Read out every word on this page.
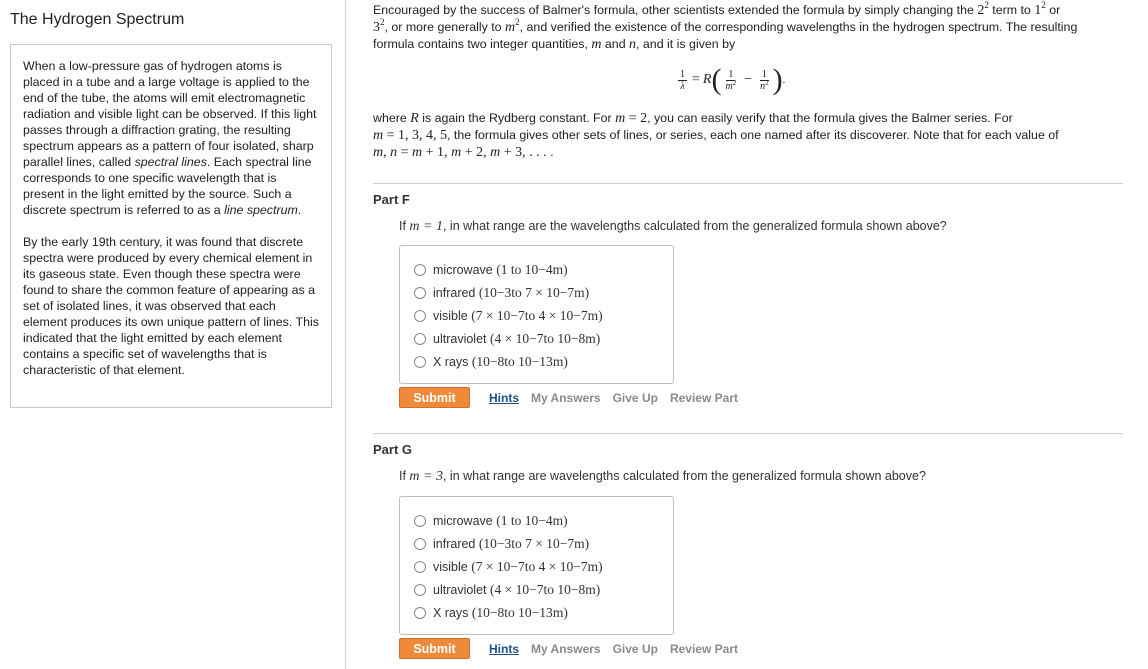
The Hydrogen Spectrum

When a low-pressure gas of hydrogen atoms is placed in a tube and a large voltage is applied to the end of the tube, the atoms will emit electromagnetic radiation and visible light can be observed. If this light passes through a diffraction grating, the resulting spectrum appears as a pattern of four isolated, sharp parallel lines, called spectral lines. Each spectral line corresponds to one specific wavelength that is present in the light emitted by the source. Such a discrete spectrum is referred to as a line spectrum.

By the early 19th century, it was found that discrete spectra were produced by every chemical element in its gaseous state. Even though these spectra were found to share the common feature of appearing as a set of isolated lines, it was observed that each element produces its own unique pattern of lines. This indicated that the light emitted by each element contains a specific set of wavelengths that is characteristic of that element.

Encouraged by the success of Balmer's formula, other scientists extended the formula by simply changing the $2^2$ term to $1^2$ or
$3^2$, or more generally to $m^2$, and verified the existence of the corresponding wavelengths in the hydrogen spectrum. The resulting formula contains two integer quantities, m and n, and it is given by
$\frac{1}{\lambda} = R$ ( $\frac{1}{m^2} - \frac{1}{n^2}$ ) .
where R is again the Rydberg constant. For m = 2, you can easily verify that the formula gives the Balmer series. For
m = 1, 3, 4, 5, the formula gives other sets of lines, or series, each one named after its discoverer. Note that for each value of
m, n = m + 1, m + 2, m + 3, . . . .
Part F
If m = 1, in what range are the wavelengths calculated from the generalized formula shown above?
microwave
(1 to 10 −4 m)
infrared
(10 −3 to 7 × 10 −7 m)
visible
(7 × 10 −7 to 4 × 10 −7 m)
ultraviolet
(4 × 10 −7 to 10 −8 m)
X rays
(10 −8 to 10 −13 m)
Submit	Hints My Answers Give Up Review Part
Part G
If m = 3, in what range are wavelengths calculated from the generalized formula shown above?
microwave
(1 to 10 −4 m)
infrared
(10 −3 to 7 × 10 −7 m)
visible
(7 × 10 −7 to 4 × 10 −7 m)
ultraviolet
(4 × 10 −7 to 10 −8 m)
X rays
(10 −8 to 10 −13 m)
Submit	Hints My Answers Give Up Review Part
